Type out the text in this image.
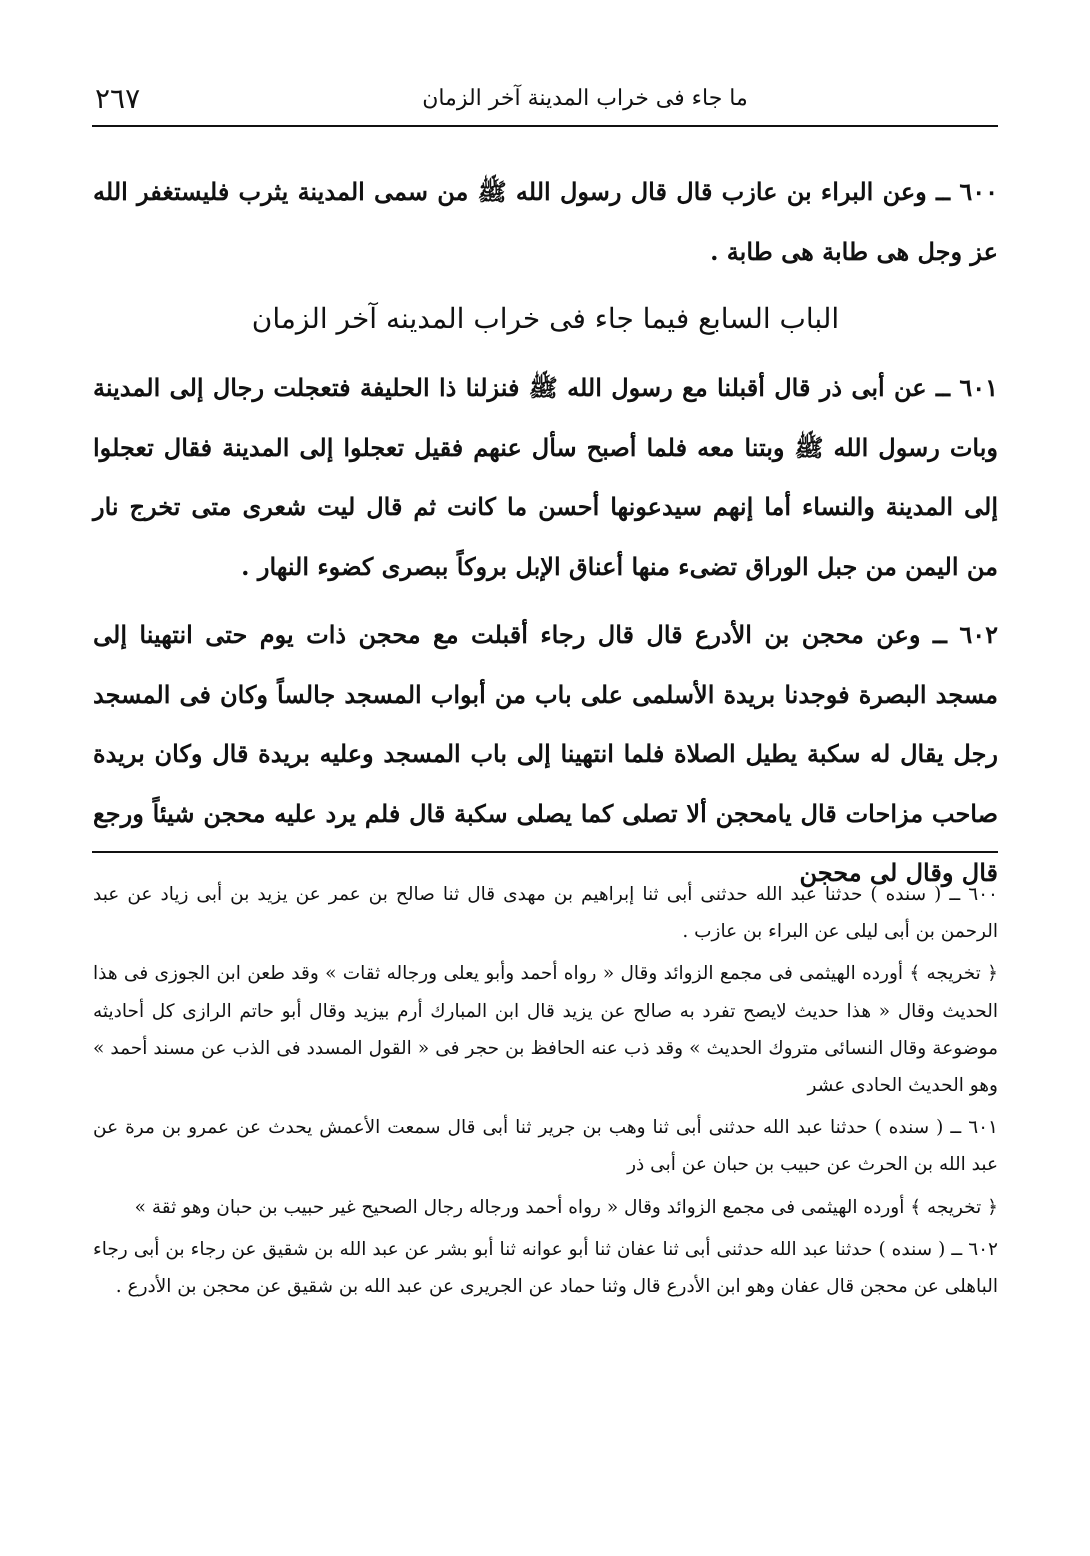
٢٦٧	ما جاء فى خراب المدينة آخر الزمان

٦٠٠ ــ وعن البراء بن عازب قال قال رسول الله ﷺ من سمى المدينة يثرب فليستغفر الله عز وجل هى طابة هى طابة .

الباب السابع فيما جاء فى خراب المدينه آخر الزمان

٦٠١ ــ عن أبى ذر قال أقبلنا مع رسول الله ﷺ فنزلنا ذا الحليفة فتعجلت رجال إلى المدينة وبات رسول الله ﷺ وبتنا معه فلما أصبح سأل عنهم فقيل تعجلوا إلى المدينة فقال تعجلوا إلى المدينة والنساء أما إنهم سيدعونها أحسن ما كانت ثم قال ليت شعرى متى تخرج نار من اليمن من جبل الوراق تضىء منها أعناق الإبل بروكاً ببصرى كضوء النهار .

٦٠٢ ــ وعن محجن بن الأدرع قال قال رجاء أقبلت مع محجن ذات يوم حتى انتهينا إلى مسجد البصرة فوجدنا بريدة الأسلمى على باب من أبواب المسجد جالساً وكان فى المسجد رجل يقال له سكبة يطيل الصلاة فلما انتهينا إلى باب المسجد وعليه بريدة قال وكان بريدة صاحب مزاحات قال يامحجن ألا تصلى كما يصلى سكبة قال فلم يرد عليه محجن شيئاً ورجع قال وقال لى محجن

٦٠٠ ــ ( سنده ) حدثنا عبد الله حدثنى أبى ثنا إبراهيم بن مهدى قال ثنا صالح بن عمر عن يزيد بن أبى زياد عن عبد الرحمن بن أبى ليلى عن البراء بن عازب .

﴿ تخريجه ﴾ أورده الهيثمى فى مجمع الزوائد وقال « رواه أحمد وأبو يعلى ورجاله ثقات » وقد طعن ابن الجوزى فى هذا الحديث وقال « هذا حديث لايصح تفرد به صالح عن يزيد قال ابن المبارك أرم بيزيد وقال أبو حاتم الرازى كل أحاديثه موضوعة وقال النسائى متروك الحديث » وقد ذب عنه الحافظ بن حجر فى « القول المسدد فى الذب عن مسند أحمد » وهو الحديث الحادى عشر

٦٠١ ــ ( سنده ) حدثنا عبد الله حدثنى أبى ثنا وهب بن جرير ثنا أبى قال سمعت الأعمش يحدث عن عمرو بن مرة عن عبد الله بن الحرث عن حبيب بن حبان عن أبى ذر

﴿ تخريجه ﴾ أورده الهيثمى فى مجمع الزوائد وقال « رواه أحمد ورجاله رجال الصحيح غير حبيب بن حبان وهو ثقة »

٦٠٢ ــ ( سنده ) حدثنا عبد الله حدثنى أبى ثنا عفان ثنا أبو عوانه ثنا أبو بشر عن عبد الله بن شقيق عن رجاء بن أبى رجاء الباهلى عن محجن قال عفان وهو ابن الأدرع قال وثنا حماد عن الجريرى عن عبد الله بن شقيق عن محجن بن الأدرع .
